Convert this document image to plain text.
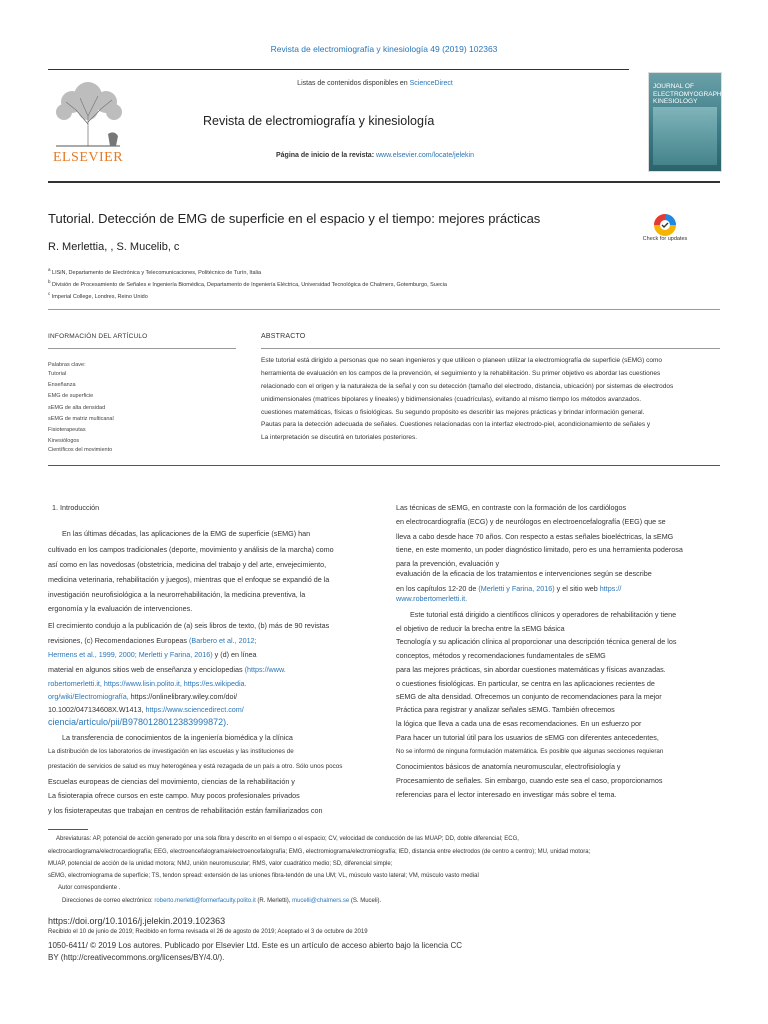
Revista de electromiografía y kinesiología 49 (2019) 102363
ELSEVIER
Listas de contenidos disponibles en ScienceDirect
Revista de electromiografía y kinesiología
Página de inicio de la revista: www.elsevier.com/locate/jelekin
JOURNAL OF ELECTROMYOGRAPHY KINESIOLOGY
Tutorial. Detección de EMG de superficie en el espacio y el tiempo: mejores prácticas
R. Merlettia, , S. Mucelib, c
Check for updates
$^a$ LISiN, Departamento de Electrónica y Telecomunicaciones, Politécnico de Turín, Italia
$^b$ División de Procesamiento de Señales e Ingeniería Biomédica, Departamento de Ingeniería Eléctrica, Universidad Tecnológica de Chalmers, Gotemburgo, Suecia
$^c$ Imperial College, Londres, Reino Unido
INFORMACIÓN DEL ARTÍCULO	ABSTRACTO
Palabras clave:
Tutorial
Enseñanza
EMG de superficie
sEMG de alta densidad
sEMG de matriz multicanal
Fisioterapeutas
Kinesiólogos
Científicos del movimiento
Este tutorial está dirigido a personas que no sean ingenieros y que utilicen o planeen utilizar la electromiografía de superficie (sEMG) como
herramienta de evaluación en los campos de la prevención, el seguimiento y la rehabilitación. Su primer objetivo es abordar las cuestiones
relacionado con el origen y la naturaleza de la señal y con su detección (tamaño del electrodo, distancia, ubicación) por sistemas de electrodos
unidimensionales (matrices bipolares y lineales) y bidimensionales (cuadrículas), evitando al mismo tiempo los métodos avanzados.
cuestiones matemáticas, físicas o fisiológicas. Su segundo propósito es describir las mejores prácticas y brindar información general.
Pautas para la detección adecuada de señales. Cuestiones relacionadas con la interfaz electrodo-piel, acondicionamiento de señales y
La interpretación se discutirá en tutoriales posteriores.
1. Introducción
En las últimas décadas, las aplicaciones de la EMG de superficie (sEMG) han
cultivado en los campos tradicionales (deporte, movimiento y análisis de la marcha) como
así como en las novedosas (obstetricia, medicina del trabajo y del arte, envejecimiento,
medicina veterinaria, rehabilitación y juegos), mientras que el enfoque se expandió de la
investigación neurofisiológica a la neurorrehabilitación, la medicina preventiva, la
ergonomía y la evaluación de intervenciones.
El crecimiento condujo a la publicación de (a) seis libros de texto, (b) más de 90 revistas
revisiones, (c) Recomendaciones Europeas (Barbero et al., 2012;
Hermens et al., 1999, 2000; Merletti y Farina, 2016) y (d) en línea
material en algunos sitios web de enseñanza y enciclopedias (https://www.
robertomerletti.it, https://www.lisin.polito.it, https://es.wikipedia.
org/wiki/Electromiografía, https://onlinelibrary.wiley.com/doi/
10.1002/047134608X.W1413, https://www.sciencedirect.com/
ciencia/artículo/pii/B9780128012383999872).
La transferencia de conocimientos de la ingeniería biomédica y la clínica
La distribución de los laboratorios de investigación en las escuelas y las instituciones de
prestación de servicios de salud es muy heterogénea y está rezagada de un país a otro. Sólo unos pocos
Escuelas europeas de ciencias del movimiento, ciencias de la rehabilitación y
La fisioterapia ofrece cursos en este campo. Muy pocos profesionales privados
y los fisioterapeutas que trabajan en centros de rehabilitación están familiarizados con
Las técnicas de sEMG, en contraste con la formación de los cardiólogos
en electrocardiografía (ECG) y de neurólogos en electroencefalografía (EEG) que se
lleva a cabo desde hace 70 años. Con respecto a estas señales bioeléctricas, la sEMG
tiene, en este momento, un poder diagnóstico limitado, pero es una herramienta poderosa
para la prevención, evaluación y
evaluación de la eficacia de los tratamientos e intervenciones según se describe
en los capítulos 12-20 de (Merletti y Farina, 2016) y el sitio web https://
www.robertomerletti.it.
Este tutorial está dirigido a científicos clínicos y operadores de rehabilitación y tiene
el objetivo de reducir la brecha entre la sEMG básica
Tecnología y su aplicación clínica al proporcionar una descripción técnica general de los
conceptos, métodos y recomendaciones fundamentales de sEMG
para las mejores prácticas, sin abordar cuestiones matemáticas y físicas avanzadas.
o cuestiones fisiológicas. En particular, se centra en las aplicaciones recientes de
sEMG de alta densidad. Ofrecemos un conjunto de recomendaciones para la mejor
Práctica para registrar y analizar señales sEMG. También ofrecemos
la lógica que lleva a cada una de esas recomendaciones. En un esfuerzo por
Para hacer un tutorial útil para los usuarios de sEMG con diferentes antecedentes,
No se informó de ninguna formulación matemática. Es posible que algunas secciones requieran
Conocimientos básicos de anatomía neuromuscular, electrofisiología y
Procesamiento de señales. Sin embargo, cuando este sea el caso, proporcionamos
referencias para el lector interesado en investigar más sobre el tema.
Abreviaturas: AP, potencial de acción generado por una sola fibra y descrito en el tiempo o el espacio; CV, velocidad de conducción de las MUAP; DD, doble diferencial; ECG,
electrocardiograma/electrocardiografía; EEG, electroencefalograma/electroencefalografía; EMG, electromiograma/electromiografía; IED, distancia entre electrodos (de centro a centro); MU, unidad motora;
MUAP, potencial de acción de la unidad motora; NMJ, unión neuromuscular; RMS, valor cuadrático medio; SD, diferencial simple;
sEMG, electromiograma de superficie; TS, tendon spread: extensión de las uniones fibra-tendón de una UM; VL, músculo vasto lateral; VM, músculo vasto medial
Autor correspondiente .
Direcciones de correo electrónico: roberto.merletti@formerfaculty.polito.it (R. Merletti), mucelli@chalmers.se (S. Muceli).
https://doi.org/10.1016/j.jelekin.2019.102363
Recibido el 10 de junio de 2019; Recibido en forma revisada el 26 de agosto de 2019; Aceptado el 3 de octubre de 2019
1050-6411/ © 2019 Los autores. Publicado por Elsevier Ltd. Este es un artículo de acceso abierto bajo la licencia CC
BY (http://creativecommons.org/licenses/BY/4.0/).
